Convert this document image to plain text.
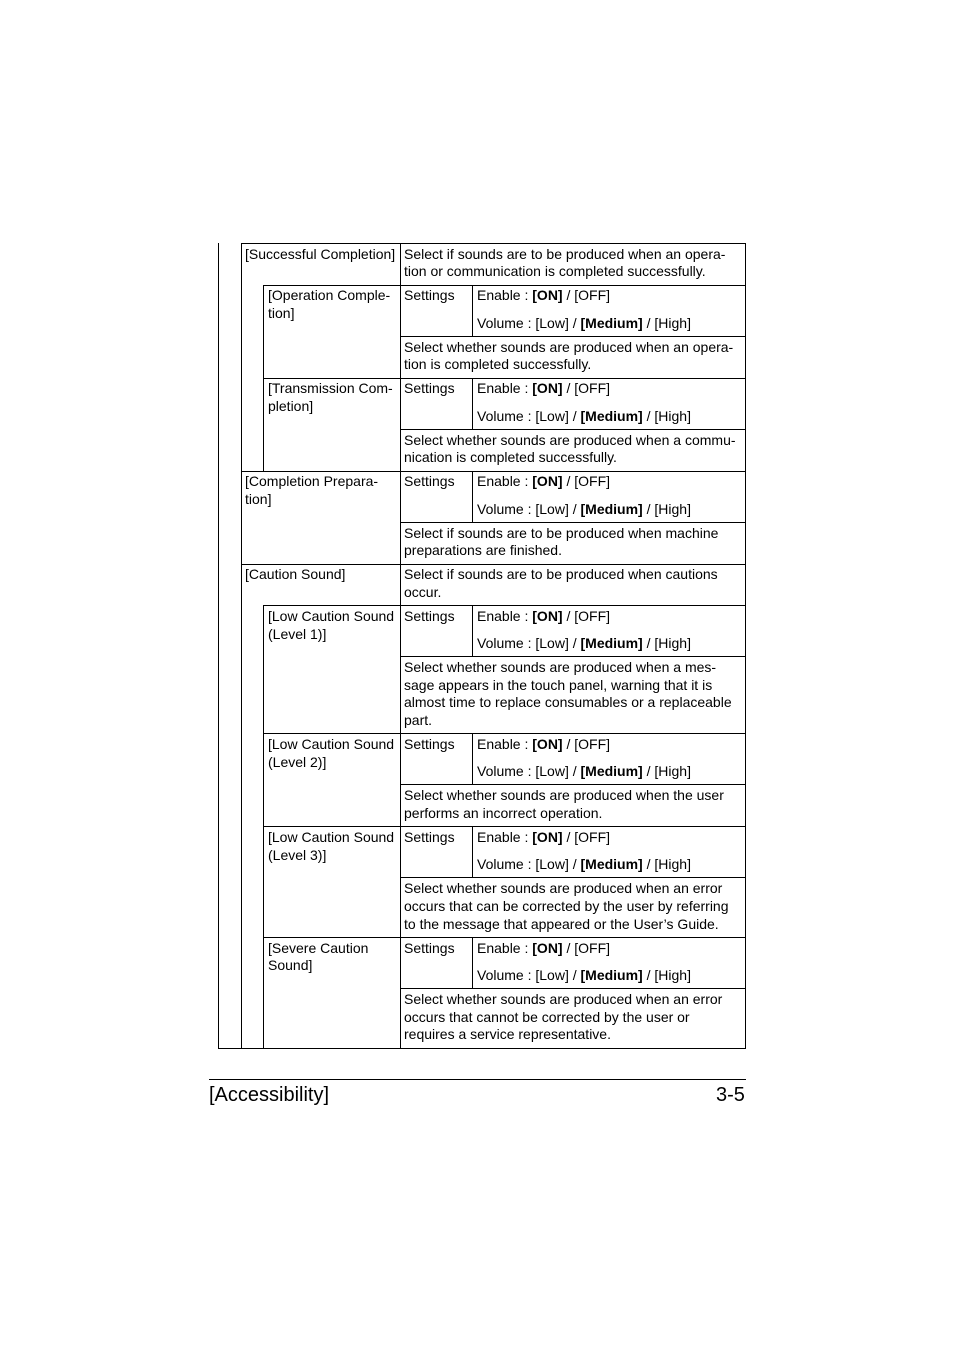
[Successful Completion] Select if sounds are to be produced when an opera-
tion or communication is completed successfully.
[Operation Comple-
tion]
Settings Enable : [ON] / [OFF]
Volume : [Low] / [Medium] / [High]
Select whether sounds are produced when an opera-
tion is completed successfully.
[Transmission Com-
pletion]
Settings Enable : [ON] / [OFF]
Volume : [Low] / [Medium] / [High]
Select whether sounds are produced when a commu-
nication is completed successfully.
[Completion Prepara-
tion]
Settings Enable : [ON] / [OFF]
Volume : [Low] / [Medium] / [High]
Select if sounds are to be produced when machine
preparations are finished.
[Caution Sound]	Select if sounds are to be produced when cautions
occur.
[Low Caution Sound
(Level 1)]
Settings Enable : [ON] / [OFF]
Volume : [Low] / [Medium] / [High]
Select whether sounds are produced when a mes-
sage appears in the touch panel, warning that it is
almost time to replace consumables or a replaceable
part.
[Low Caution Sound
(Level 2)]
Settings Enable : [ON] / [OFF]
Volume : [Low] / [Medium] / [High]
Select whether sounds are produced when the user
performs an incorrect operation.
[Low Caution Sound
(Level 3)]
Settings Enable : [ON] / [OFF]
Volume : [Low] / [Medium] / [High]
Select whether sounds are produced when an error
occurs that can be corrected by the user by referring
to the message that appeared or the User’s Guide.
[Severe Caution
Sound]
Settings Enable : [ON] / [OFF]
Volume : [Low] / [Medium] / [High]
Select whether sounds are produced when an error
occurs that cannot be corrected by the user or
requires a service representative.
[Accessibility]	3-5
